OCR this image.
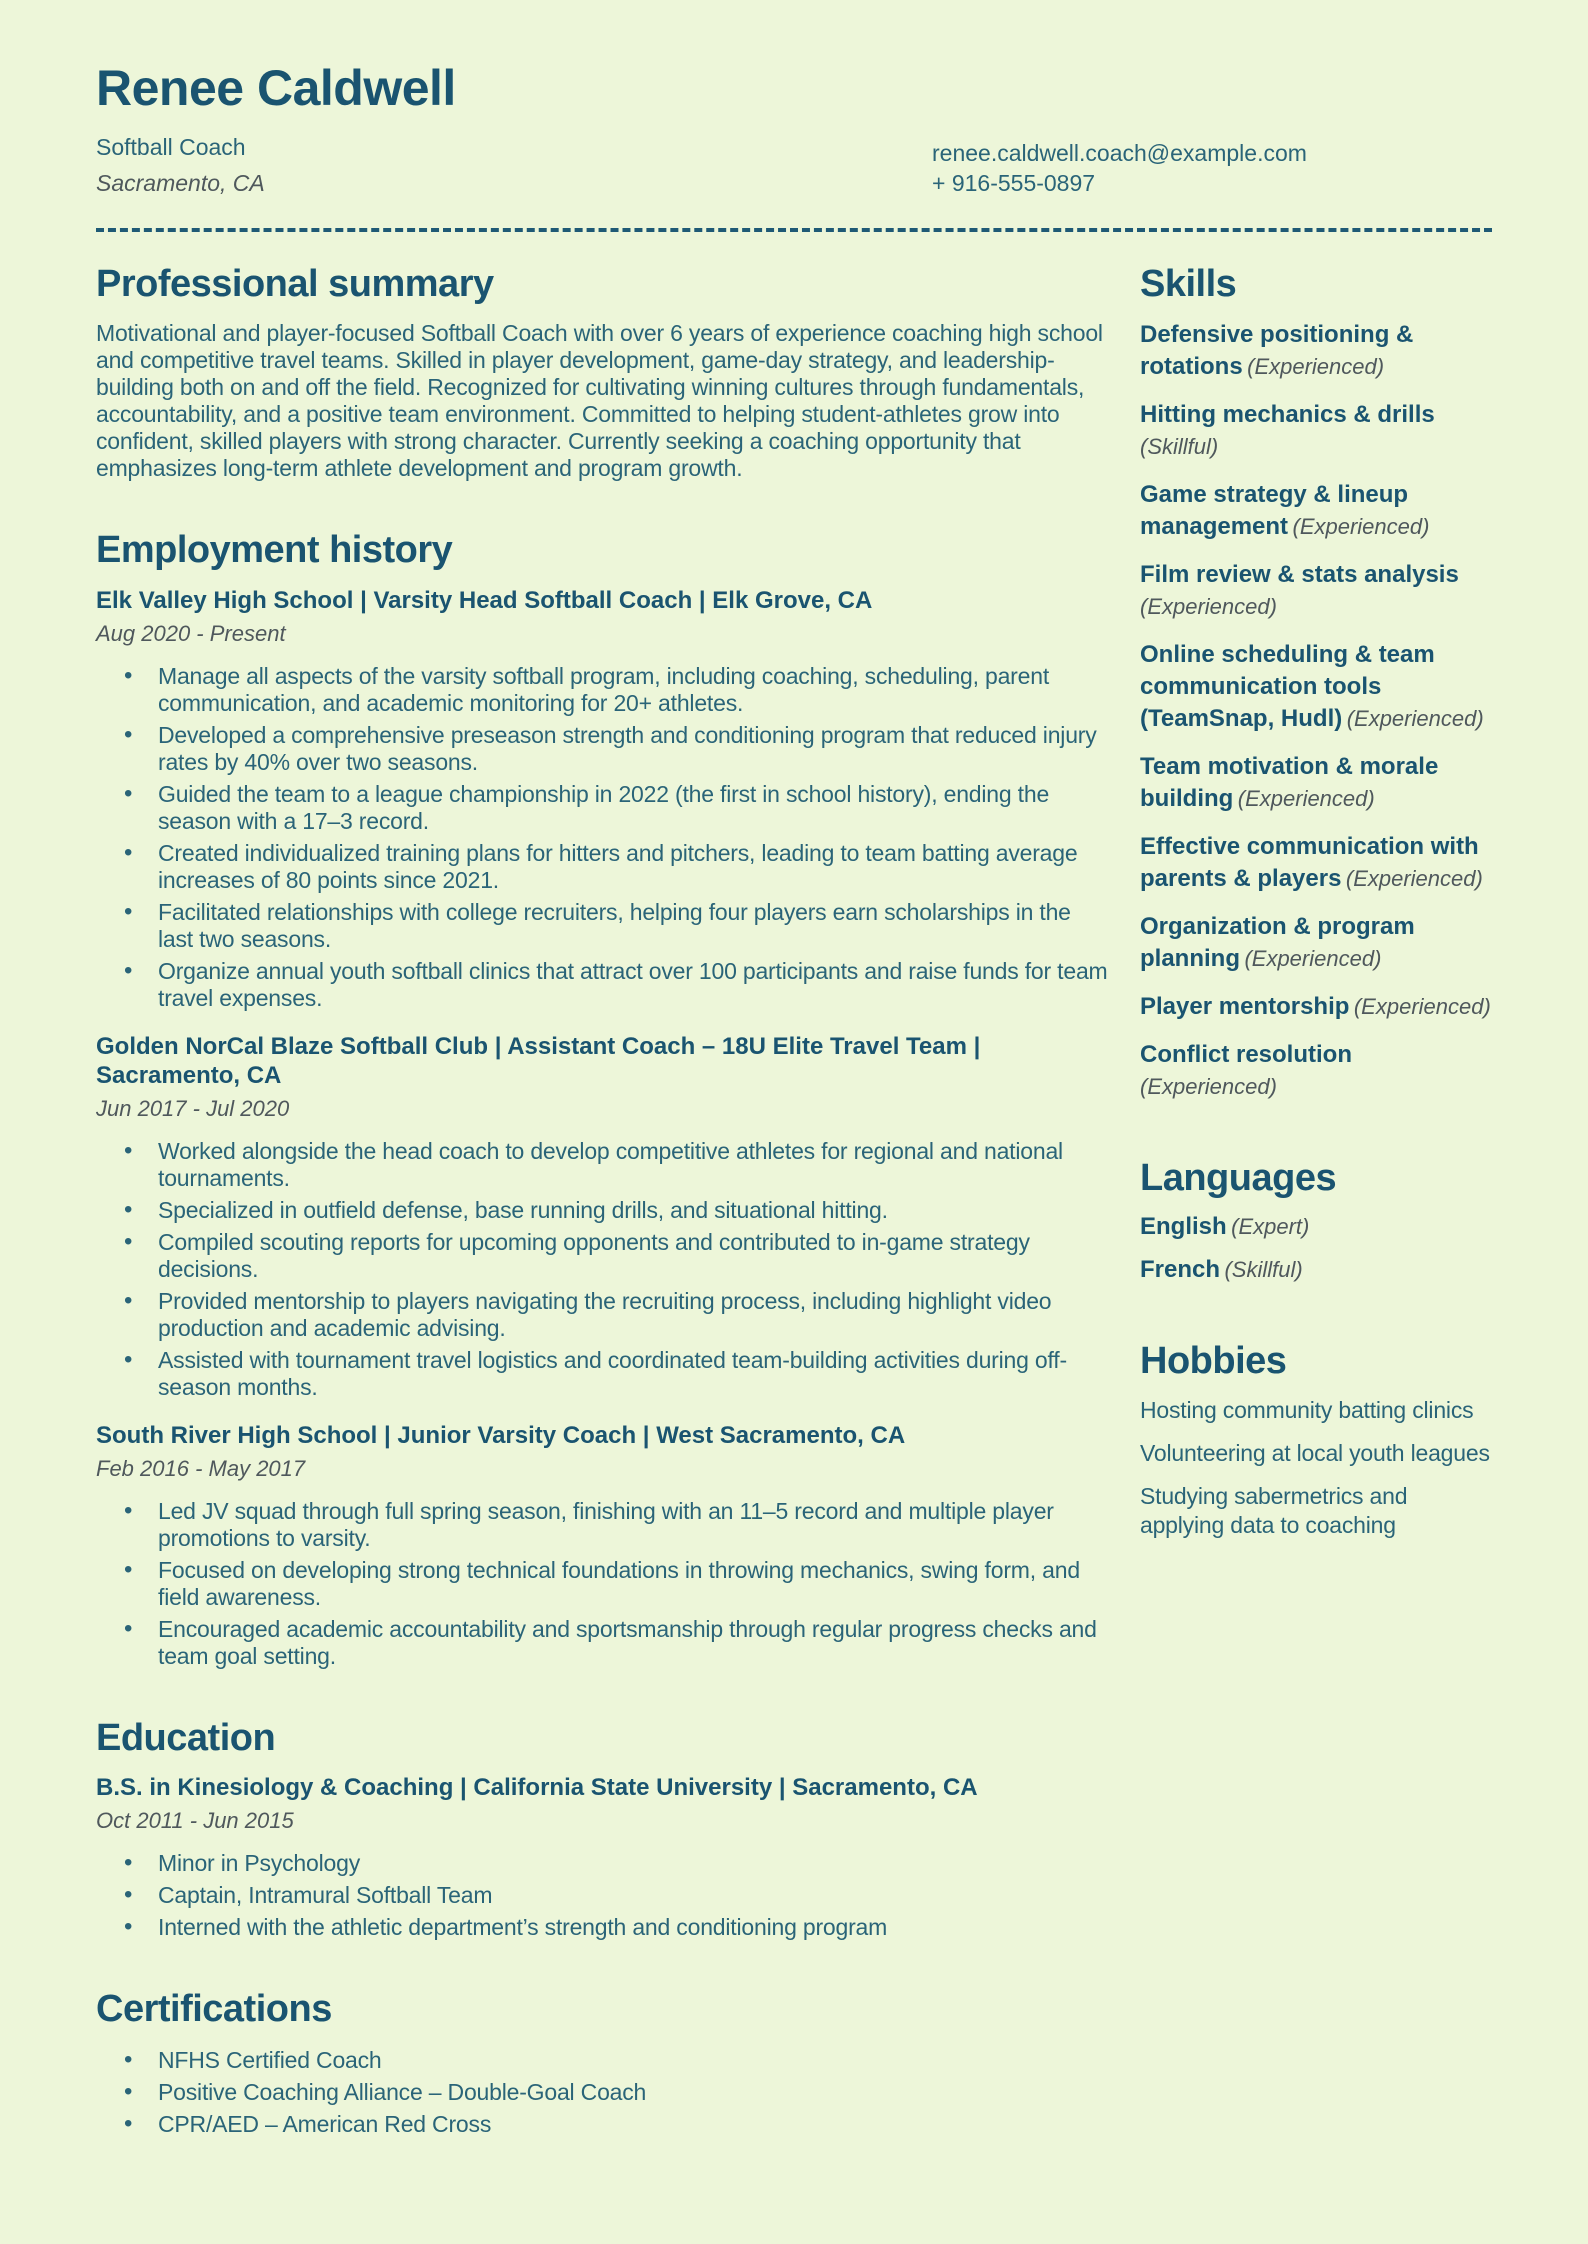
Renee Caldwell
Softball Coach
Sacramento, CA
renee.caldwell.coach@example.com
+ 916-555-0897
Professional summary

Motivational and player-focused Softball Coach with over 6 years of experience coaching high school and competitive travel teams. Skilled in player development, game-day strategy, and leadership-building both on and off the field. Recognized for cultivating winning cultures through fundamentals, accountability, and a positive team environment. Committed to helping student-athletes grow into confident, skilled players with strong character. Currently seeking a coaching opportunity that emphasizes long-term athlete development and program growth.

Employment history
Elk Valley High School | Varsity Head Softball Coach | Elk Grove, CA
Aug 2020 - Present
• Manage all aspects of the varsity softball program, including coaching, scheduling, parent communication, and academic monitoring for 20+ athletes.
• Developed a comprehensive preseason strength and conditioning program that reduced injury rates by 40% over two seasons.
• Guided the team to a league championship in 2022 (the first in school history), ending the season with a 17–3 record.
• Created individualized training plans for hitters and pitchers, leading to team batting average increases of 80 points since 2021.
• Facilitated relationships with college recruiters, helping four players earn scholarships in the last two seasons.
• Organize annual youth softball clinics that attract over 100 participants and raise funds for team travel expenses.
Golden NorCal Blaze Softball Club | Assistant Coach – 18U Elite Travel Team | Sacramento, CA
Jun 2017 - Jul 2020
• Worked alongside the head coach to develop competitive athletes for regional and national tournaments.
• Specialized in outfield defense, base running drills, and situational hitting.
• Compiled scouting reports for upcoming opponents and contributed to in-game strategy decisions.
• Provided mentorship to players navigating the recruiting process, including highlight video production and academic advising.
• Assisted with tournament travel logistics and coordinated team-building activities during off-season months.
South River High School | Junior Varsity Coach | West Sacramento, CA
Feb 2016 - May 2017
• Led JV squad through full spring season, finishing with an 11–5 record and multiple player promotions to varsity.
• Focused on developing strong technical foundations in throwing mechanics, swing form, and field awareness.
• Encouraged academic accountability and sportsmanship through regular progress checks and team goal setting.
Education
B.S. in Kinesiology & Coaching | California State University | Sacramento, CA
Oct 2011 - Jun 2015
• Minor in Psychology
• Captain, Intramural Softball Team
• Interned with the athletic department’s strength and conditioning program
Certifications
• NFHS Certified Coach
• Positive Coaching Alliance – Double-Goal Coach
• CPR/AED – American Red Cross
Skills
Defensive positioning & rotations (Experienced)
Hitting mechanics & drills (Skillful)
Game strategy & lineup management (Experienced)
Film review & stats analysis (Experienced)
Online scheduling & team communication tools (TeamSnap, Hudl) (Experienced)
Team motivation & morale building (Experienced)
Effective communication with parents & players (Experienced)
Organization & program planning (Experienced)
Player mentorship (Experienced)
Conflict resolution (Experienced)
Languages
English (Expert)
French (Skillful)
Hobbies
Hosting community batting clinics
Volunteering at local youth leagues
Studying sabermetrics and applying data to coaching
